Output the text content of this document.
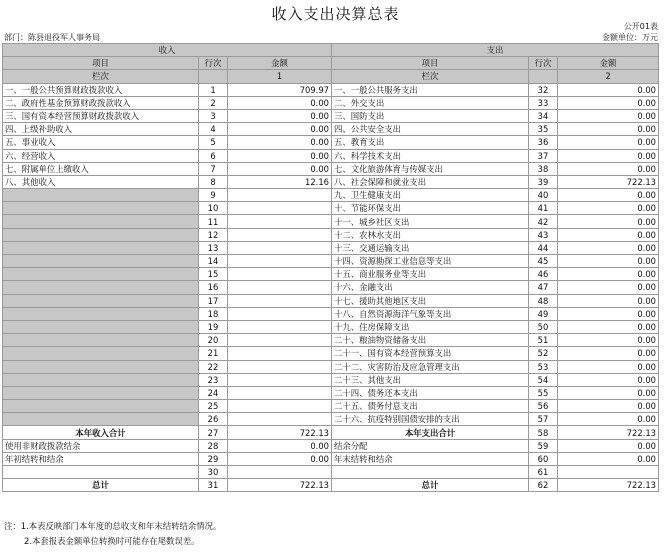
收入支出决算总表
公开01表
部门：陈县退役军人事务局	金额单位：万元
收入			支出		
项目	行次	金额	项目	行次	金额
栏次		1	栏次		2
一、一般公共预算财政拨款收入	1	709.97	一、一般公共服务支出	32	0.00
二、政府性基金预算财政拨款收入	2	0.00	二、外交支出	33	0.00
三、国有资本经营预算财政拨款收入	3	0.00	三、国防支出	34	0.00
四、上级补助收入	4	0.00	四、公共安全支出	35	0.00
五、事业收入	5	0.00	五、教育支出	36	0.00
六、经营收入	6	0.00	六、科学技术支出	37	0.00
七、附属单位上缴收入	7	0.00	七、文化旅游体育与传媒支出	38	0.00
八、其他收入	8	12.16	八、社会保障和就业支出	39	722.13
	9		九、卫生健康支出	40	0.00
	10		十、节能环保支出	41	0.00
	11		十一、城乡社区支出	42	0.00
	12		十二、农林水支出	43	0.00
	13		十三、交通运输支出	44	0.00
	14		十四、资源勘探工业信息等支出	45	0.00
	15		十五、商业服务业等支出	46	0.00
	16		十六、金融支出	47	0.00
	17		十七、援助其他地区支出	48	0.00
	18		十八、自然资源海洋气象等支出	49	0.00
	19		十九、住房保障支出	50	0.00
	20		二十、粮油物资储备支出	51	0.00
	21		二十一、国有资本经营预算支出	52	0.00
	22		二十二、灾害防治及应急管理支出	53	0.00
	23		二十三、其他支出	54	0.00
	24		二十四、债务还本支出	55	0.00
	25		二十五、债务付息支出	56	0.00
	26		二十六、抗疫特别国债安排的支出	57	0.00
本年收入合计	27	722.13	本年支出合计	58	722.13
使用非财政拨款结余	28	0.00	结余分配	59	0.00
年初结转和结余	29	0.00	年末结转和结余	60	0.00
	30			61	
总计	31	722.13	总计	62	722.13
注：1.本表反映部门本年度的总收支和年末结转结余情况。
2.本套报表金额单位转换时可能存在尾数误差。
